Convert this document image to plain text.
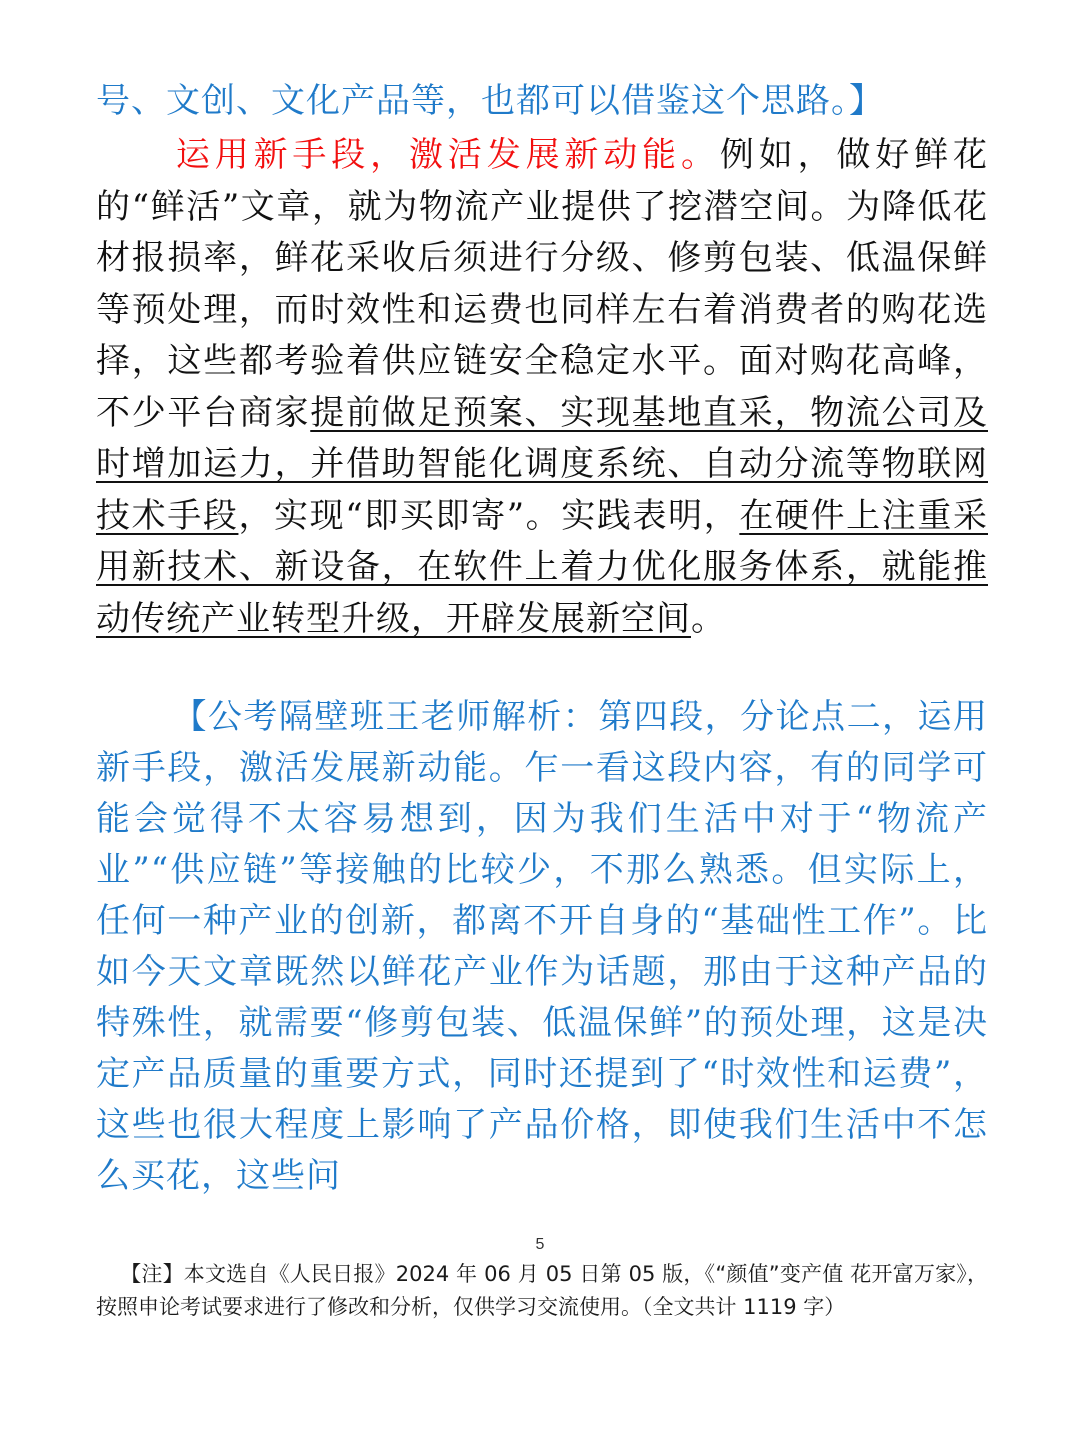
号、文创、文化产品等，也都可以借鉴这个思路。】
运用新手段，激活发展新动能。例如，做好鲜花的“鲜活”文章，就为物流产业提供了挖潜空间。为降低花材报损率，鲜花采收后须进行分级、修剪包装、低温保鲜等预处理，而时效性和运费也同样左右着消费者的购花选择，这些都考验着供应链安全稳定水平。面对购花高峰，不少平台商家提前做足预案、实现基地直采，物流公司及时增加运力，并借助智能化调度系统、自动分流等物联网技术手段，实现“即买即寄”。实践表明，在硬件上注重采用新技术、新设备，在软件上着力优化服务体系，就能推动传统产业转型升级，开辟发展新空间。
【公考隔壁班王老师解析：第四段，分论点二，运用新手段，激活发展新动能。乍一看这段内容，有的同学可能会觉得不太容易想到，因为我们生活中对于“物流产业”“供应链”等接触的比较少，不那么熟悉。但实际上，任何一种产业的创新，都离不开自身的“基础性工作”。比如今天文章既然以鲜花产业作为话题，那由于这种产品的特殊性，就需要“修剪包装、低温保鲜”的预处理，这是决定产品质量的重要方式，同时还提到了“时效性和运费”，这些也很大程度上影响了产品价格，即使我们生活中不怎么买花，这些问
5
【注】本文选自《人民日报》2024 年 06 月 05 日第 05 版，《“颜值”变产值 花开富万家》，按照申论考试要求进行了修改和分析，仅供学习交流使用。（全文共计 1119 字）
